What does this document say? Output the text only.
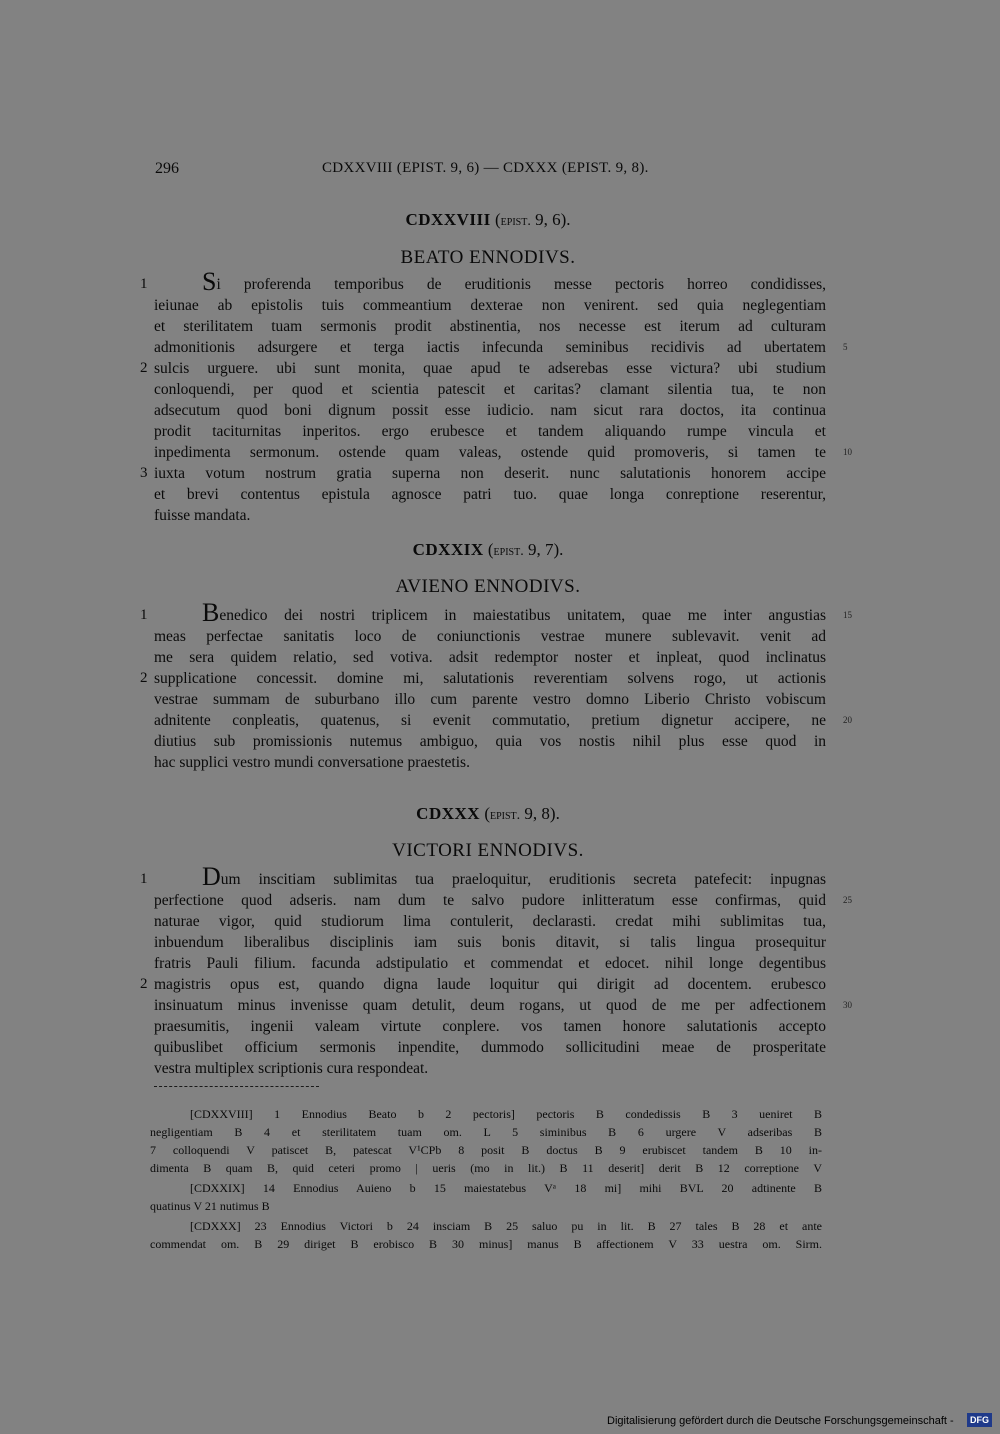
296	CDXXVIII (EPIST. 9, 6) — CDXXX (EPIST. 9, 8).
CDXXVIII (epist. 9, 6).
BEATO ENNODIVS.
Si proferenda temporibus de eruditionis messe pectoris horreo condidisses,
ieiunae ab epistolis tuis commeantium dexterae non venirent. sed quia neglegentiam
et sterilitatem tuam sermonis prodit abstinentia, nos necesse est iterum ad culturam
admonitionis adsurgere et terga iactis infecunda seminibus recidivis ad ubertatem
sulcis urguere. ubi sunt monita, quae apud te adserebas esse victura? ubi studium
conloquendi, per quod et scientia patescit et caritas? clamant silentia tua, te non
adsecutum quod boni dignum possit esse iudicio. nam sicut rara doctos, ita continua
prodit taciturnitas inperitos. ergo erubesce et tandem aliquando rumpe vincula et
inpedimenta sermonum. ostende quam valeas, ostende quid promoveris, si tamen te
iuxta votum nostrum gratia superna non deserit. nunc salutationis honorem accipe
et brevi contentus epistula agnosce patri tuo. quae longa conreptione reserentur,
fuisse mandata.
CDXXIX (epist. 9, 7).
AVIENO ENNODIVS.
Benedico dei nostri triplicem in maiestatibus unitatem, quae me inter angustias
meas perfectae sanitatis loco de coniunctionis vestrae munere sublevavit. venit ad
me sera quidem relatio, sed votiva. adsit redemptor noster et inpleat, quod inclinatus
supplicatione concessit. domine mi, salutationis reverentiam solvens rogo, ut actionis
vestrae summam de suburbano illo cum parente vestro domno Liberio Christo vobiscum
adnitente conpleatis, quatenus, si evenit commutatio, pretium dignetur accipere, ne
diutius sub promissionis nutemus ambiguo, quia vos nostis nihil plus esse quod in
hac supplici vestro mundi conversatione praestetis.
CDXXX (epist. 9, 8).
VICTORI ENNODIVS.
Dum inscitiam sublimitas tua praeloquitur, eruditionis secreta patefecit: inpugnas
perfectione quod adseris. nam dum te salvo pudore inlitteratum esse confirmas, quid
naturae vigor, quid studiorum lima contulerit, declarasti. credat mihi sublimitas tua,
inbuendum liberalibus disciplinis iam suis bonis ditavit, si talis lingua prosequitur
fratris Pauli filium. facunda adstipulatio et commendat et edocet. nihil longe degentibus
magistris opus est, quando digna laude loquitur qui dirigit ad docentem. erubesco
insinuatum minus invenisse quam detulit, deum rogans, ut quod de me per adfectionem
praesumitis, ingenii valeam virtute conplere. vos tamen honore salutationis accepto
quibuslibet officium sermonis inpendite, dummodo sollicitudini meae de prosperitate
vestra multiplex scriptionis cura respondeat.
1
2
3
1
2
1
2
5
10
15
20
25
30
[CDXXVIII] 1 Ennodius Beato b 2 pectoris] pectoris B condedissis B 3 ueniret B
negligentiam B 4 et sterilitatem tuam om. L 5 siminibus B 6 urgere V adseribas B
7 colloquendi V patiscet B, patescat V¹CPb 8 posit B doctus B 9 erubiscet tandem B 10 in-
dimenta B quam B, quid ceteri promo | ueris (mo in lit.) B 11 deserit] derit B 12 correptione V
[CDXXIX] 14 Ennodius Auieno b 15 maiestatebus Vᵃ 18 mi] mihi BVL 20 adtinente B
quatinus V 21 nutimus B
[CDXXX] 23 Ennodius Victori b 24 insciam B 25 saluo pu in lit. B 27 tales B 28 et ante
commendat om. B 29 diriget B erobisco B 30 minus] manus B affectionem V 33 uestra om. Sirm.
Digitalisierung gefördert durch die Deutsche Forschungsgemeinschaft -	DFG
